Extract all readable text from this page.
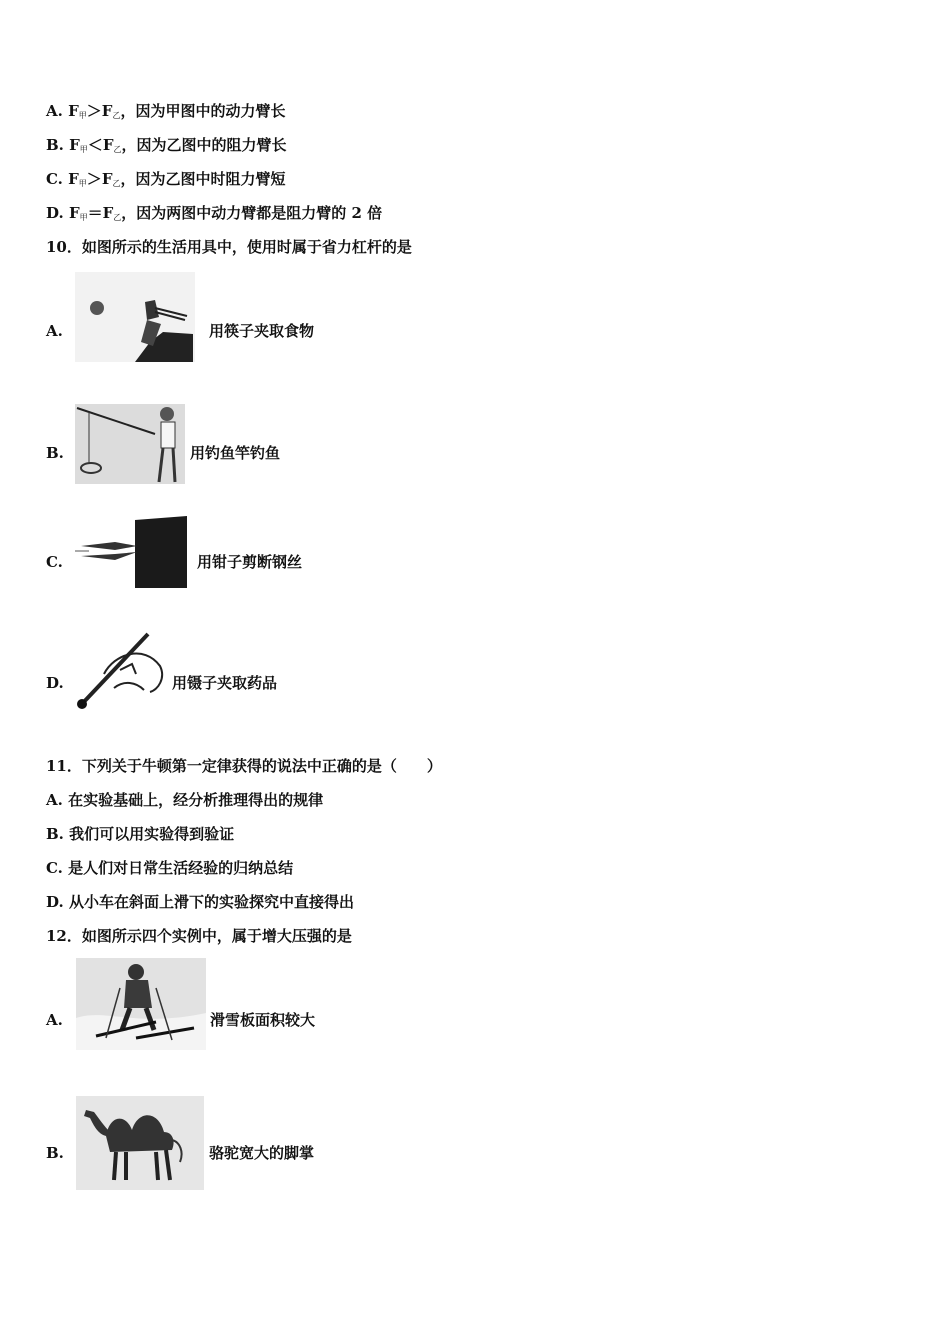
A. $F_甲>F_乙$，因为甲图中的动力臂长
B. $F_甲<F_乙$，因为乙图中的阻力臂长
C. $F_甲>F_乙$，因为乙图中时阻力臂短
D. $F_甲=F_乙$，因为两图中动力臂都是阻力臂的 2 倍
10．如图所示的生活用具中，使用时属于省力杠杆的是
A.	用筷子夹取食物
B.	用钓鱼竿钓鱼
C.	用钳子剪断钢丝
D.	用镊子夹取药品
11．下列关于牛顿第一定律获得的说法中正确的是（　　）
A. 在实验基础上，经分析推理得出的规律
B. 我们可以用实验得到验证
C. 是人们对日常生活经验的归纳总结
D. 从小车在斜面上滑下的实验探究中直接得出
12．如图所示四个实例中，属于增大压强的是
A.	滑雪板面积较大
B.	骆驼宽大的脚掌
